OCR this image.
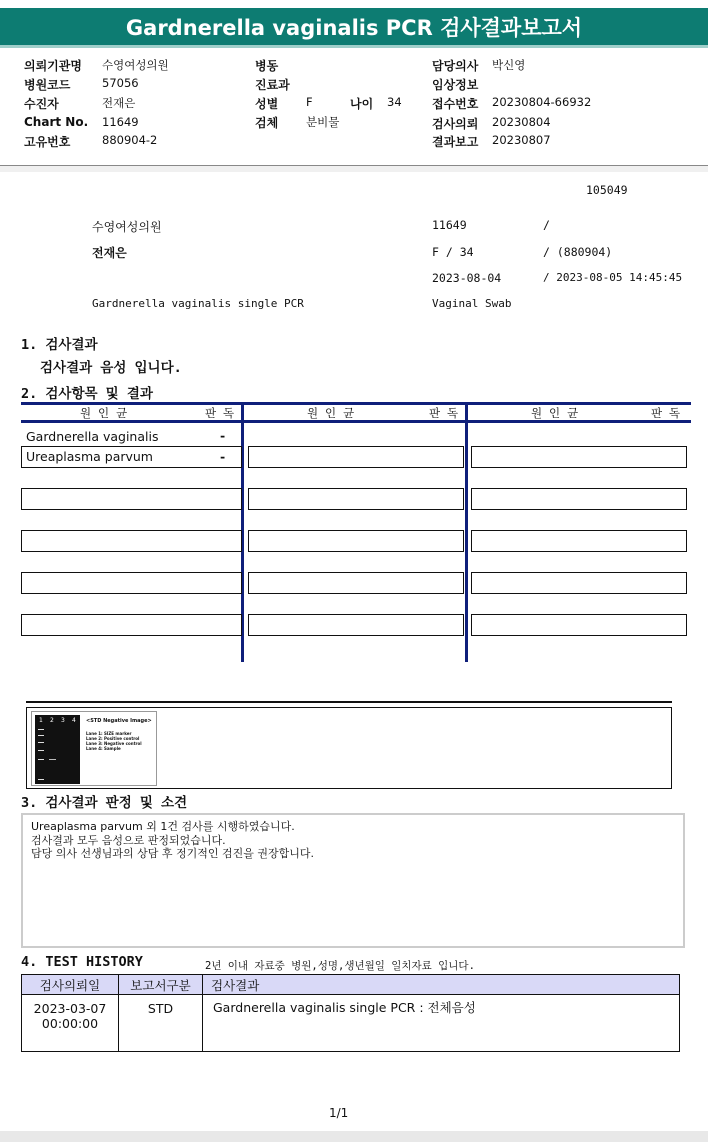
Gardnerella vaginalis PCR 검사결과보고서
의뢰기관명 수영여성의원
병원코드	57056
수진자	전재은
Chart No. 11649
고유번호	880904-2
병동
진료과
성별 F	나이 34
검체 분비물
담당의사 박신영
임상정보
접수번호 20230804-66932
검사의뢰 20230804
결과보고 20230807
105049
수영여성의원	11649	/
전재은	F / 34	/ (880904)
2023-08-04	/ 2023-08-05 14:45:45
Gardnerella vaginalis single PCR	Vaginal Swab
1. 검사결과
검사결과 음성 입니다.
2. 검사항목 및 결과
원 인 균	판 독	원 인 균	판 독	원 인 균	판 독
Gardnerella vaginalis	-
Ureaplasma parvum	-
1 2 3 4 <STD Negative Image>
Lane 1: SIZE marker
Lane 2: Positive control
Lane 3: Negative control
Lane 4: Sample
3. 검사결과 판정 및 소견
Ureaplasma parvum 외 1건 검사를 시행하였습니다.
검사결과 모두 음성으로 판정되었습니다.
담당 의사 선생님과의 상담 후 정기적인 검진을 권장합니다.
4. TEST HISTORY	2년 이내 자료중 병원,성명,생년월일 일치자료 입니다.
검사의뢰일	보고서구분	검사결과

2023-03-07
00:00:00	STD	Gardnerella vaginalis single PCR : 전체음성
1/1
